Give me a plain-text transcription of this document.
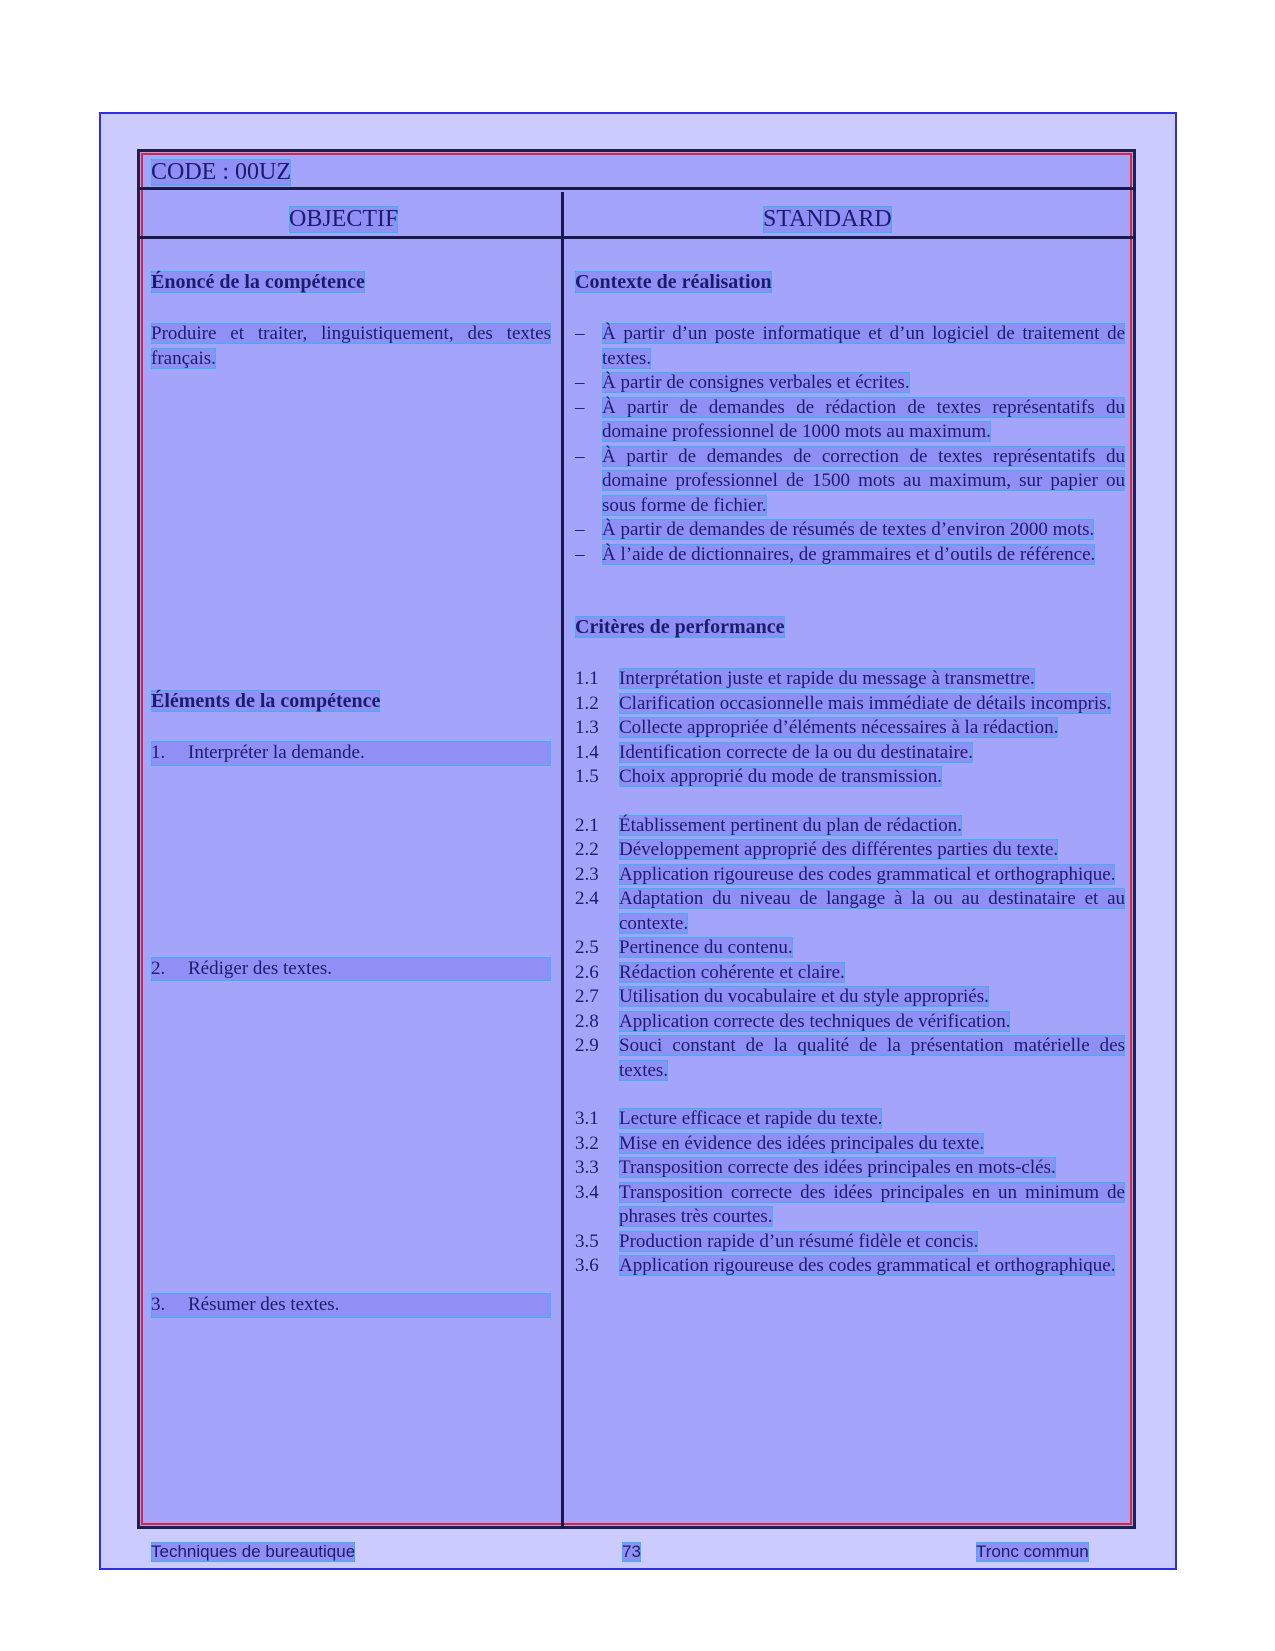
CODE : 00UZ
OBJECTIF	STANDARD
Énoncé de la compétence
Produire et traiter, linguistiquement, des textes français.
Éléments de la compétence
1.	Interpréter la demande.
2.	Rédiger des textes.
3.	Résumer des textes.
Contexte de réalisation
– À partir d’un poste informatique et d’un logiciel de traitement de textes.
– À partir de consignes verbales et écrites.
– À partir de demandes de rédaction de textes représentatifs du domaine professionnel de 1000 mots au maximum.
– À partir de demandes de correction de textes représentatifs du domaine professionnel de 1500 mots au maximum, sur papier ou sous forme de fichier.
– À partir de demandes de résumés de textes d’environ 2000 mots.
– À l’aide de dictionnaires, de grammaires et d’outils de référence.
Critères de performance
1.1	Interprétation juste et rapide du message à transmettre.
1.2	Clarification occasionnelle mais immédiate de détails incompris.
1.3	Collecte appropriée d’éléments nécessaires à la rédaction.
1.4	Identification correcte de la ou du destinataire.
1.5	Choix approprié du mode de transmission.
2.1	Établissement pertinent du plan de rédaction.
2.2	Développement approprié des différentes parties du texte.
2.3	Application rigoureuse des codes grammatical et orthographique.
2.4	Adaptation du niveau de langage à la ou au destinataire et au contexte.
2.5	Pertinence du contenu.
2.6	Rédaction cohérente et claire.
2.7	Utilisation du vocabulaire et du style appropriés.
2.8	Application correcte des techniques de vérification.
2.9	Souci constant de la qualité de la présentation matérielle des textes.
3.1	Lecture efficace et rapide du texte.
3.2	Mise en évidence des idées principales du texte.
3.3	Transposition correcte des idées principales en mots-clés.
3.4	Transposition correcte des idées principales en un minimum de phrases très courtes.
3.5	Production rapide d’un résumé fidèle et concis.
3.6	Application rigoureuse des codes grammatical et orthographique.
Techniques de bureautique	73	Tronc commun
